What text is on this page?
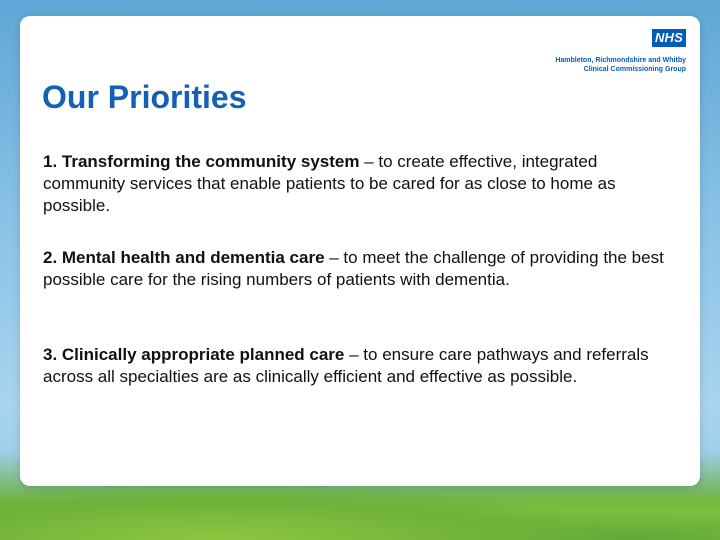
NHS
Hambleton, Richmondshire and Whitby
Clinical Commissioning Group
Our Priorities

1. Transforming the community system – to create effective, integrated community services that enable patients to be cared for as close to home as possible.

2. Mental health and dementia care – to meet the challenge of providing the best possible care for the rising numbers of patients with dementia.

3. Clinically appropriate planned care – to ensure care pathways and referrals across all specialties are as clinically efficient and effective as possible.
